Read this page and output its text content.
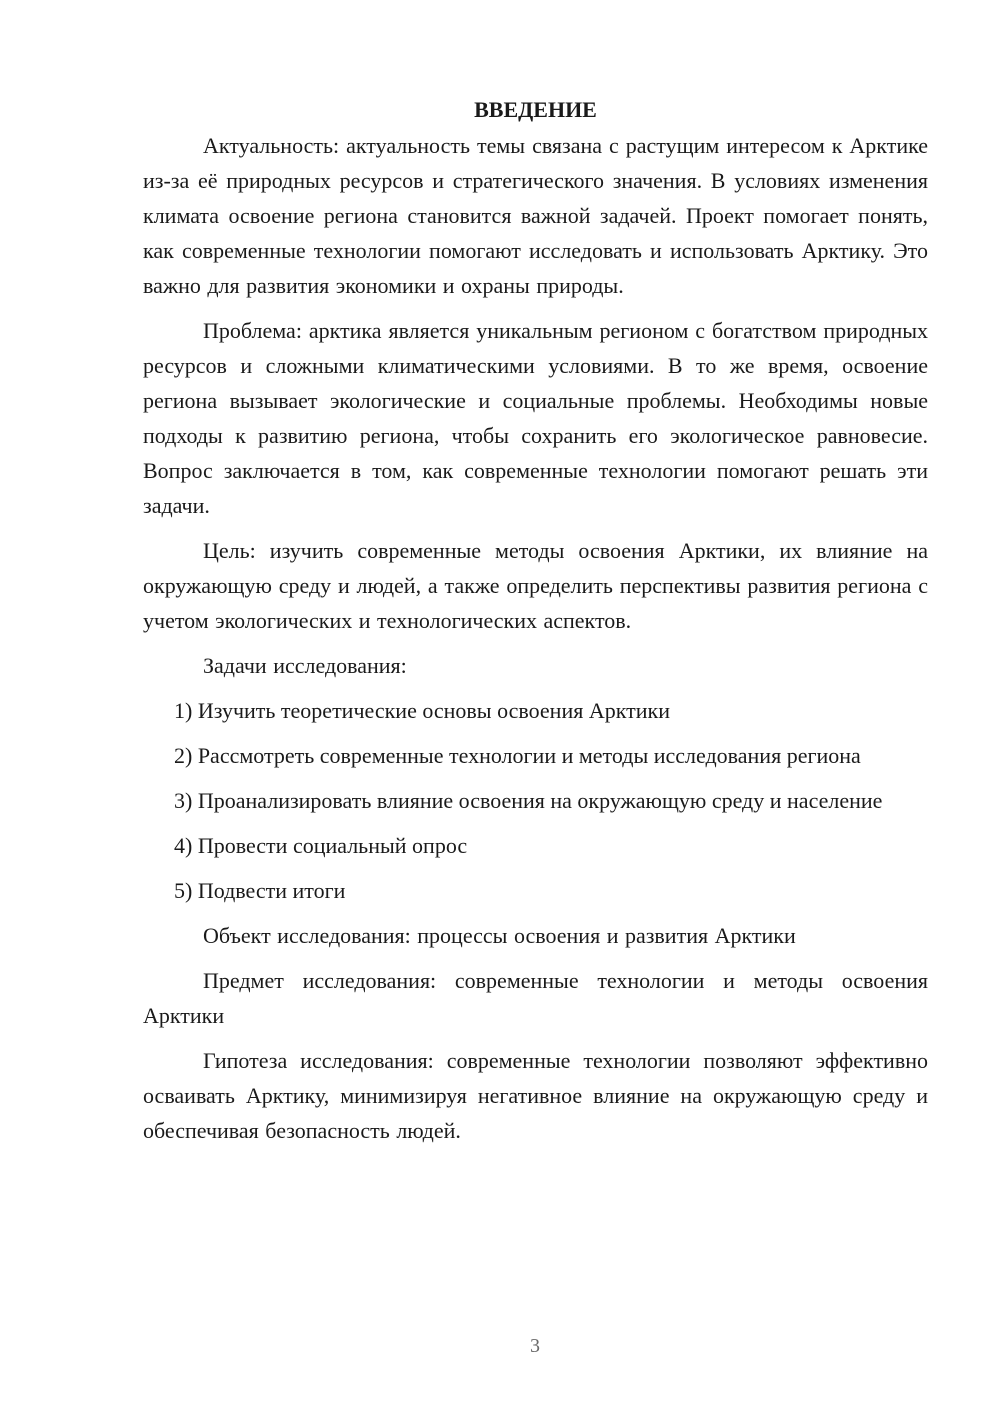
ВВЕДЕНИЕ

Актуальность: актуальность темы связана с растущим интересом к Арктике из-за её природных ресурсов и стратегического значения. В условиях изменения климата освоение региона становится важной задачей. Проект помогает понять, как современные технологии помогают исследовать и использовать Арктику. Это важно для развития экономики и охраны природы.

Проблема: арктика является уникальным регионом с богатством природных ресурсов и сложными климатическими условиями. В то же время, освоение региона вызывает экологические и социальные проблемы. Необходимы новые подходы к развитию региона, чтобы сохранить его экологическое равновесие. Вопрос заключается в том, как современные технологии помогают решать эти задачи.

Цель: изучить современные методы освоения Арктики, их влияние на окружающую среду и людей, а также определить перспективы развития региона с учетом экологических и технологических аспектов.

Задачи исследования:

1) Изучить теоретические основы освоения Арктики

2) Рассмотреть современные технологии и методы исследования региона

3) Проанализировать влияние освоения на окружающую среду и население

4) Провести социальный опрос

5) Подвести итоги

Объект исследования: процессы освоения и развития Арктики

Предмет исследования: современные технологии и методы освоения Арктики

Гипотеза исследования: современные технологии позволяют эффективно осваивать Арктику, минимизируя негативное влияние на окружающую среду и обеспечивая безопасность людей.

3
